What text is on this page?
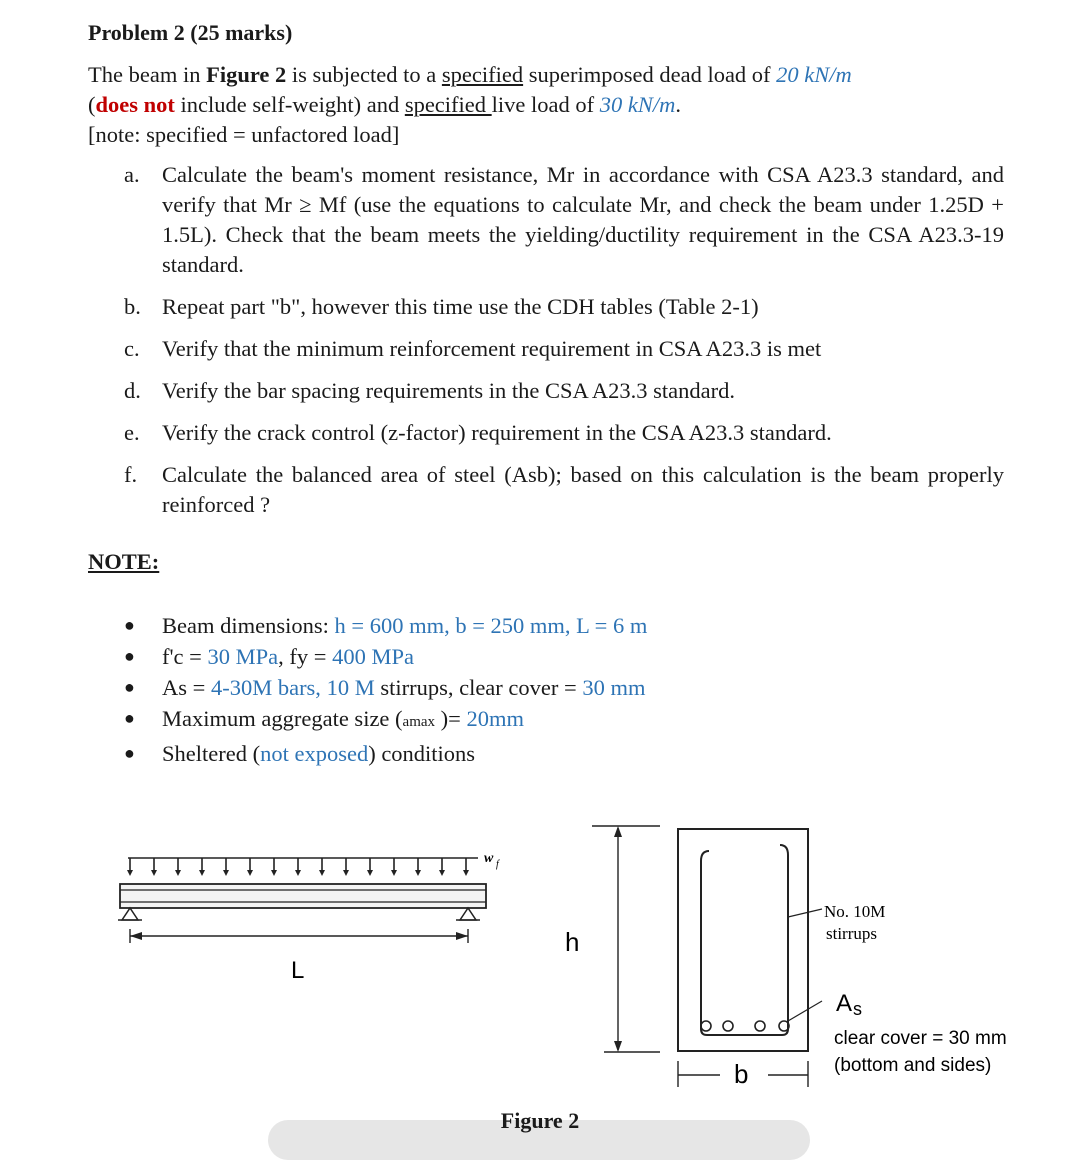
Problem 2 (25 marks)

The beam in Figure 2 is subjected to a specified superimposed dead load of 20 kN/m
(does not include self-weight) and specified live load of 30 kN/m.
[note: specified = unfactored load]

a. Calculate the beam's moment resistance, Mr in accordance with CSA A23.3 standard, and verify that Mr ≥ Mf (use the equations to calculate Mr, and check the beam under 1.25D + 1.5L). Check that the beam meets the yielding/ductility requirement in the CSA A23.3-19 standard.
b. Repeat part "b", however this time use the CDH tables (Table 2-1)
c. Verify that the minimum reinforcement requirement in CSA A23.3 is met
d. Verify the bar spacing requirements in the CSA A23.3 standard.
e. Verify the crack control (z-factor) requirement in the CSA A23.3 standard.
f.	Calculate the balanced area of steel (Asb); based on this calculation is the beam properly reinforced ?

NOTE:

●	Beam dimensions: h = 600 mm, b = 250 mm, L = 6 m
●	f'c = 30 MPa, fy = 400 MPa
●	As = 4-30M bars, 10 M stirrups, clear cover = 30 mm
●	Maximum aggregate size (amax )= 20mm
●	Sheltered (not exposed) conditions
w f
L
h
No. 10M
stirrups
A s
clear cover = 30 mm
(bottom and sides)
b

Figure 2
